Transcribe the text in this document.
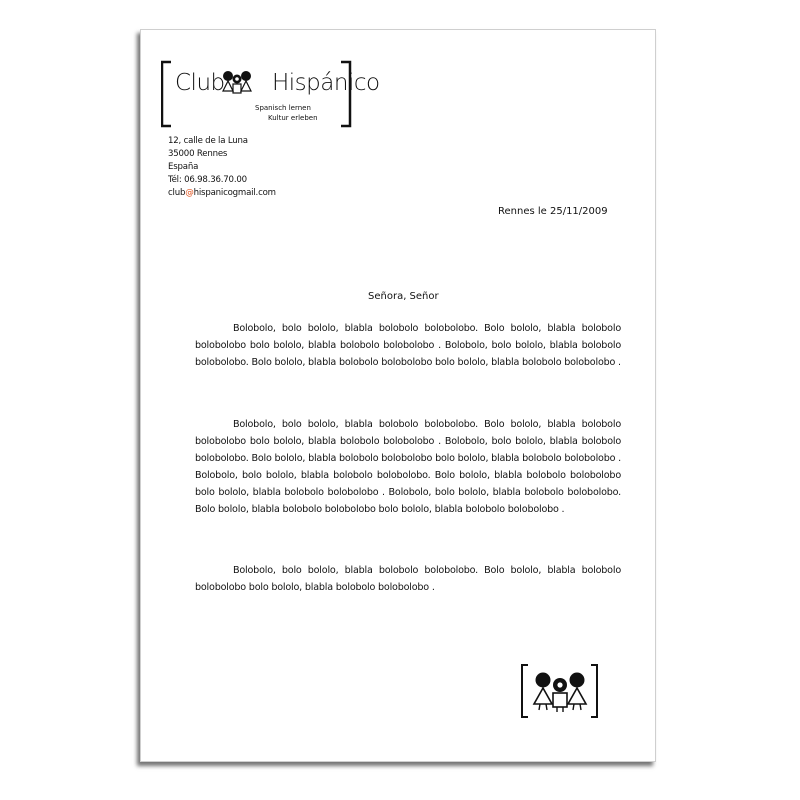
Club Hispánico
Spanisch lernen
Kultur erleben
12, calle de la Luna
35000 Rennes
España
Tél: 06.98.36.70.00
club@hispanicogmail.com
Rennes le 25/11/2009
Señora, Señor

Bolobolo, bolo bololo, blabla bolobolo bolobolobo. Bolo bololo, blabla bolobolo bolobolobo bolo bololo, blabla bolobolo bolobolobo . Bolobolo, bolo bololo, blabla bolobolo bolobolobo. Bolo bololo, blabla bolobolo bolobolobo bolo bololo, blabla bolobolo bolobolobo .

Bolobolo, bolo bololo, blabla bolobolo bolobolobo. Bolo bololo, blabla bolobolo bolobolobo bolo bololo, blabla bolobolo bolobolobo . Bolobolo, bolo bololo, blabla bolobolo bolobolobo. Bolo bololo, blabla bolobolo bolobolobo bolo bololo, blabla bolobolo bolobolobo . Bolobolo, bolo bololo, blabla bolobolo bolobolobo. Bolo bololo, blabla bolobolo bolobolobo bolo bololo, blabla bolobolo bolobolobo . Bolobolo, bolo bololo, blabla bolobolo bolobolobo. Bolo bololo, blabla bolobolo bolobolobo bolo bololo, blabla bolobolo bolobolobo .

Bolobolo, bolo bololo, blabla bolobolo bolobolobo. Bolo bololo, blabla bolobolo bolobolobo bolo bololo, blabla bolobolo bolobolobo .
